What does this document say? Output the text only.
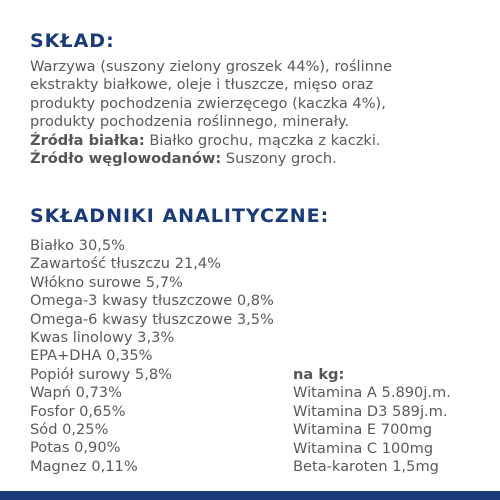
SKŁAD:

Warzywa (suszony zielony groszek 44%), roślinne
ekstrakty białkowe, oleje i tłuszcze, mięso oraz
produkty pochodzenia zwierzęcego (kaczka 4%),
produkty pochodzenia roślinnego, minerały.
Źródła białka: Białko grochu, mączka z kaczki.
Źródło węglowodanów: Suszony groch.

SKŁADNIKI ANALITYCZNE:
Białko 30,5%
Zawartość tłuszczu 21,4%
Włókno surowe 5,7%
Omega-3 kwasy tłuszczowe 0,8%
Omega-6 kwasy tłuszczowe 3,5%
Kwas linolowy 3,3%
EPA+DHA 0,35%
Popiół surowy 5,8%
Wapń 0,73%
Fosfor 0,65%
Sód 0,25%
Potas 0,90%
Magnez 0,11%
na kg:
Witamina A 5.890j.m.
Witamina D3 589j.m.
Witamina E 700mg
Witamina C 100mg
Beta-karoten 1,5mg
